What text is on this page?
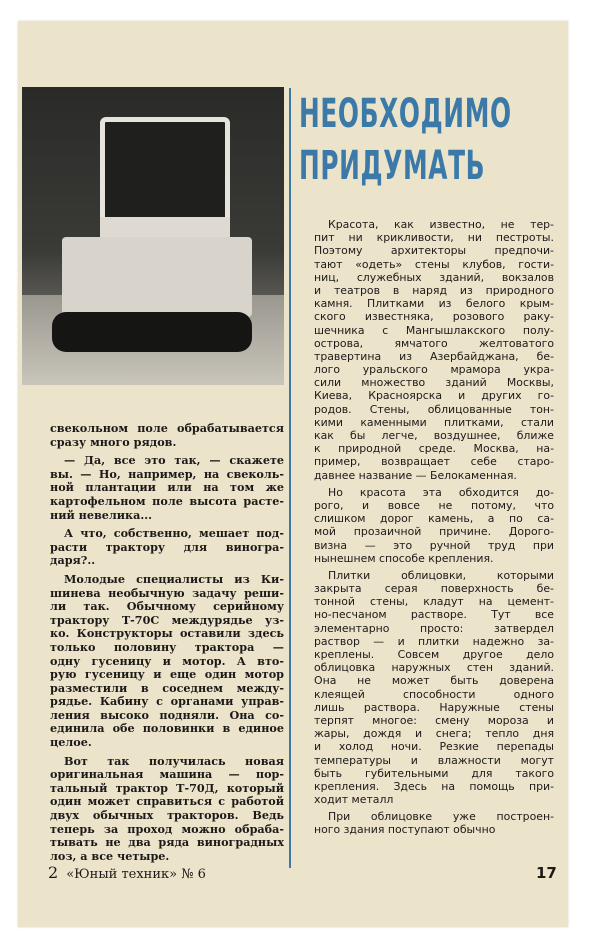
НЕОБХОДИМО
ПРИДУМАТЬ
свекольном поле обрабатывается
сразу много рядов.
— Да, все это так, — скажете
вы. — Но, например, на свеколь-
ной плантации или на том же
картофельном поле высота расте-
ний невелика...
А что, собственно, мешает под-
расти трактору для виногра-
даря?..
Молодые специалисты из Ки-
шинева необычную задачу реши-
ли так. Обычному серийному
трактору Т-70С междурядье уз-
ко. Конструкторы оставили здесь
только половину трактора —
одну гусеницу и мотор. А вто-
рую гусеницу и еще один мотор
разместили в соседнем между-
рядье. Кабину с органами управ-
ления высоко подняли. Она со-
единила обе половинки в единое
целое.
Вот так получилась новая
оригинальная машина — пор-
тальный трактор Т-70Д, который
один может справиться с работой
двух обычных тракторов. Ведь
теперь за проход можно обраба-
тывать не два ряда виноградных
лоз, а все четыре.
Красота, как известно, не тер-
пит ни крикливости, ни пестроты.
Поэтому архитекторы предпочи-
тают «одеть» стены клубов, гости-
ниц, служебных зданий, вокзалов
и театров в наряд из природного
камня. Плитками из белого крым-
ского известняка, розового раку-
шечника с Мангышлакского полу-
острова, ямчатого желтоватого
травертина из Азербайджана, бе-
лого уральского мрамора укра-
сили множество зданий Москвы,
Киева, Красноярска и других го-
родов. Стены, облицованные тон-
кими каменными плитками, стали
как бы легче, воздушнее, ближе
к природной среде. Москва, на-
пример, возвращает себе старо-
давнее название — Белокаменная.
Но красота эта обходится до-
рого, и вовсе не потому, что
слишком дорог камень, а по са-
мой прозаичной причине. Дорого-
визна — это ручной труд при
нынешнем способе крепления.
Плитки облицовки, которыми
закрыта серая поверхность бе-
тонной стены, кладут на цемент-
но-песчаном растворе. Тут все
элементарно просто: затвердел
раствор — и плитки надежно за-
креплены. Совсем другое дело
облицовка наружных стен зданий.
Она не может быть доверена
клеящей способности одного
лишь раствора. Наружные стены
терпят многое: смену мороза и
жары, дождя и снега; тепло дня
и холод ночи. Резкие перепады
температуры и влажности могут
быть губительными для такого
крепления. Здесь на помощь при-
ходит металл
При облицовке уже построен-
ного здания поступают обычно
2 «Юный техник» № 6	17
